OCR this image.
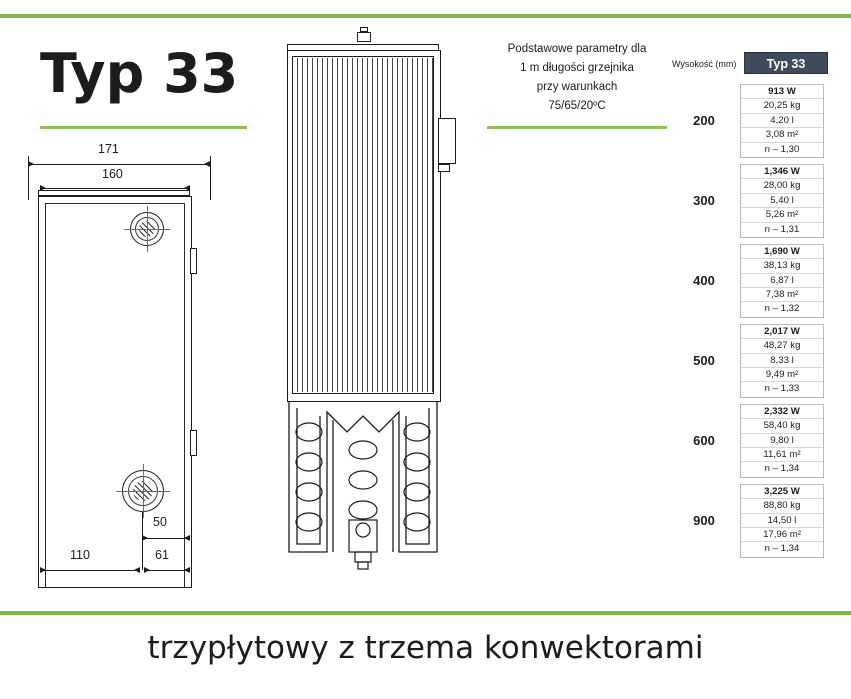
Typ 33	Podstawowe parametry dla
1 m długości grzejnika
przy warunkach
75/65/20ºC
171
160
50
110	61
Wysokość (mm)	Typ 33
200
913 W
20,25 kg
4,20 l
3,08 m²
n – 1,30
300
1,346 W
28,00 kg
5,40 l
5,26 m²
n – 1,31
400
1,690 W
38,13 kg
6,87 l
7,38 m²
n – 1,32
500
2,017 W
48,27 kg
8,33 l
9,49 m²
n – 1,33
600
2,332 W
58,40 kg
9,80 l
11,61 m²
n – 1,34
900
3,225 W
88,80 kg
14,50 l
17,96 m²
n – 1,34
trzypłytowy z trzema konwektorami
